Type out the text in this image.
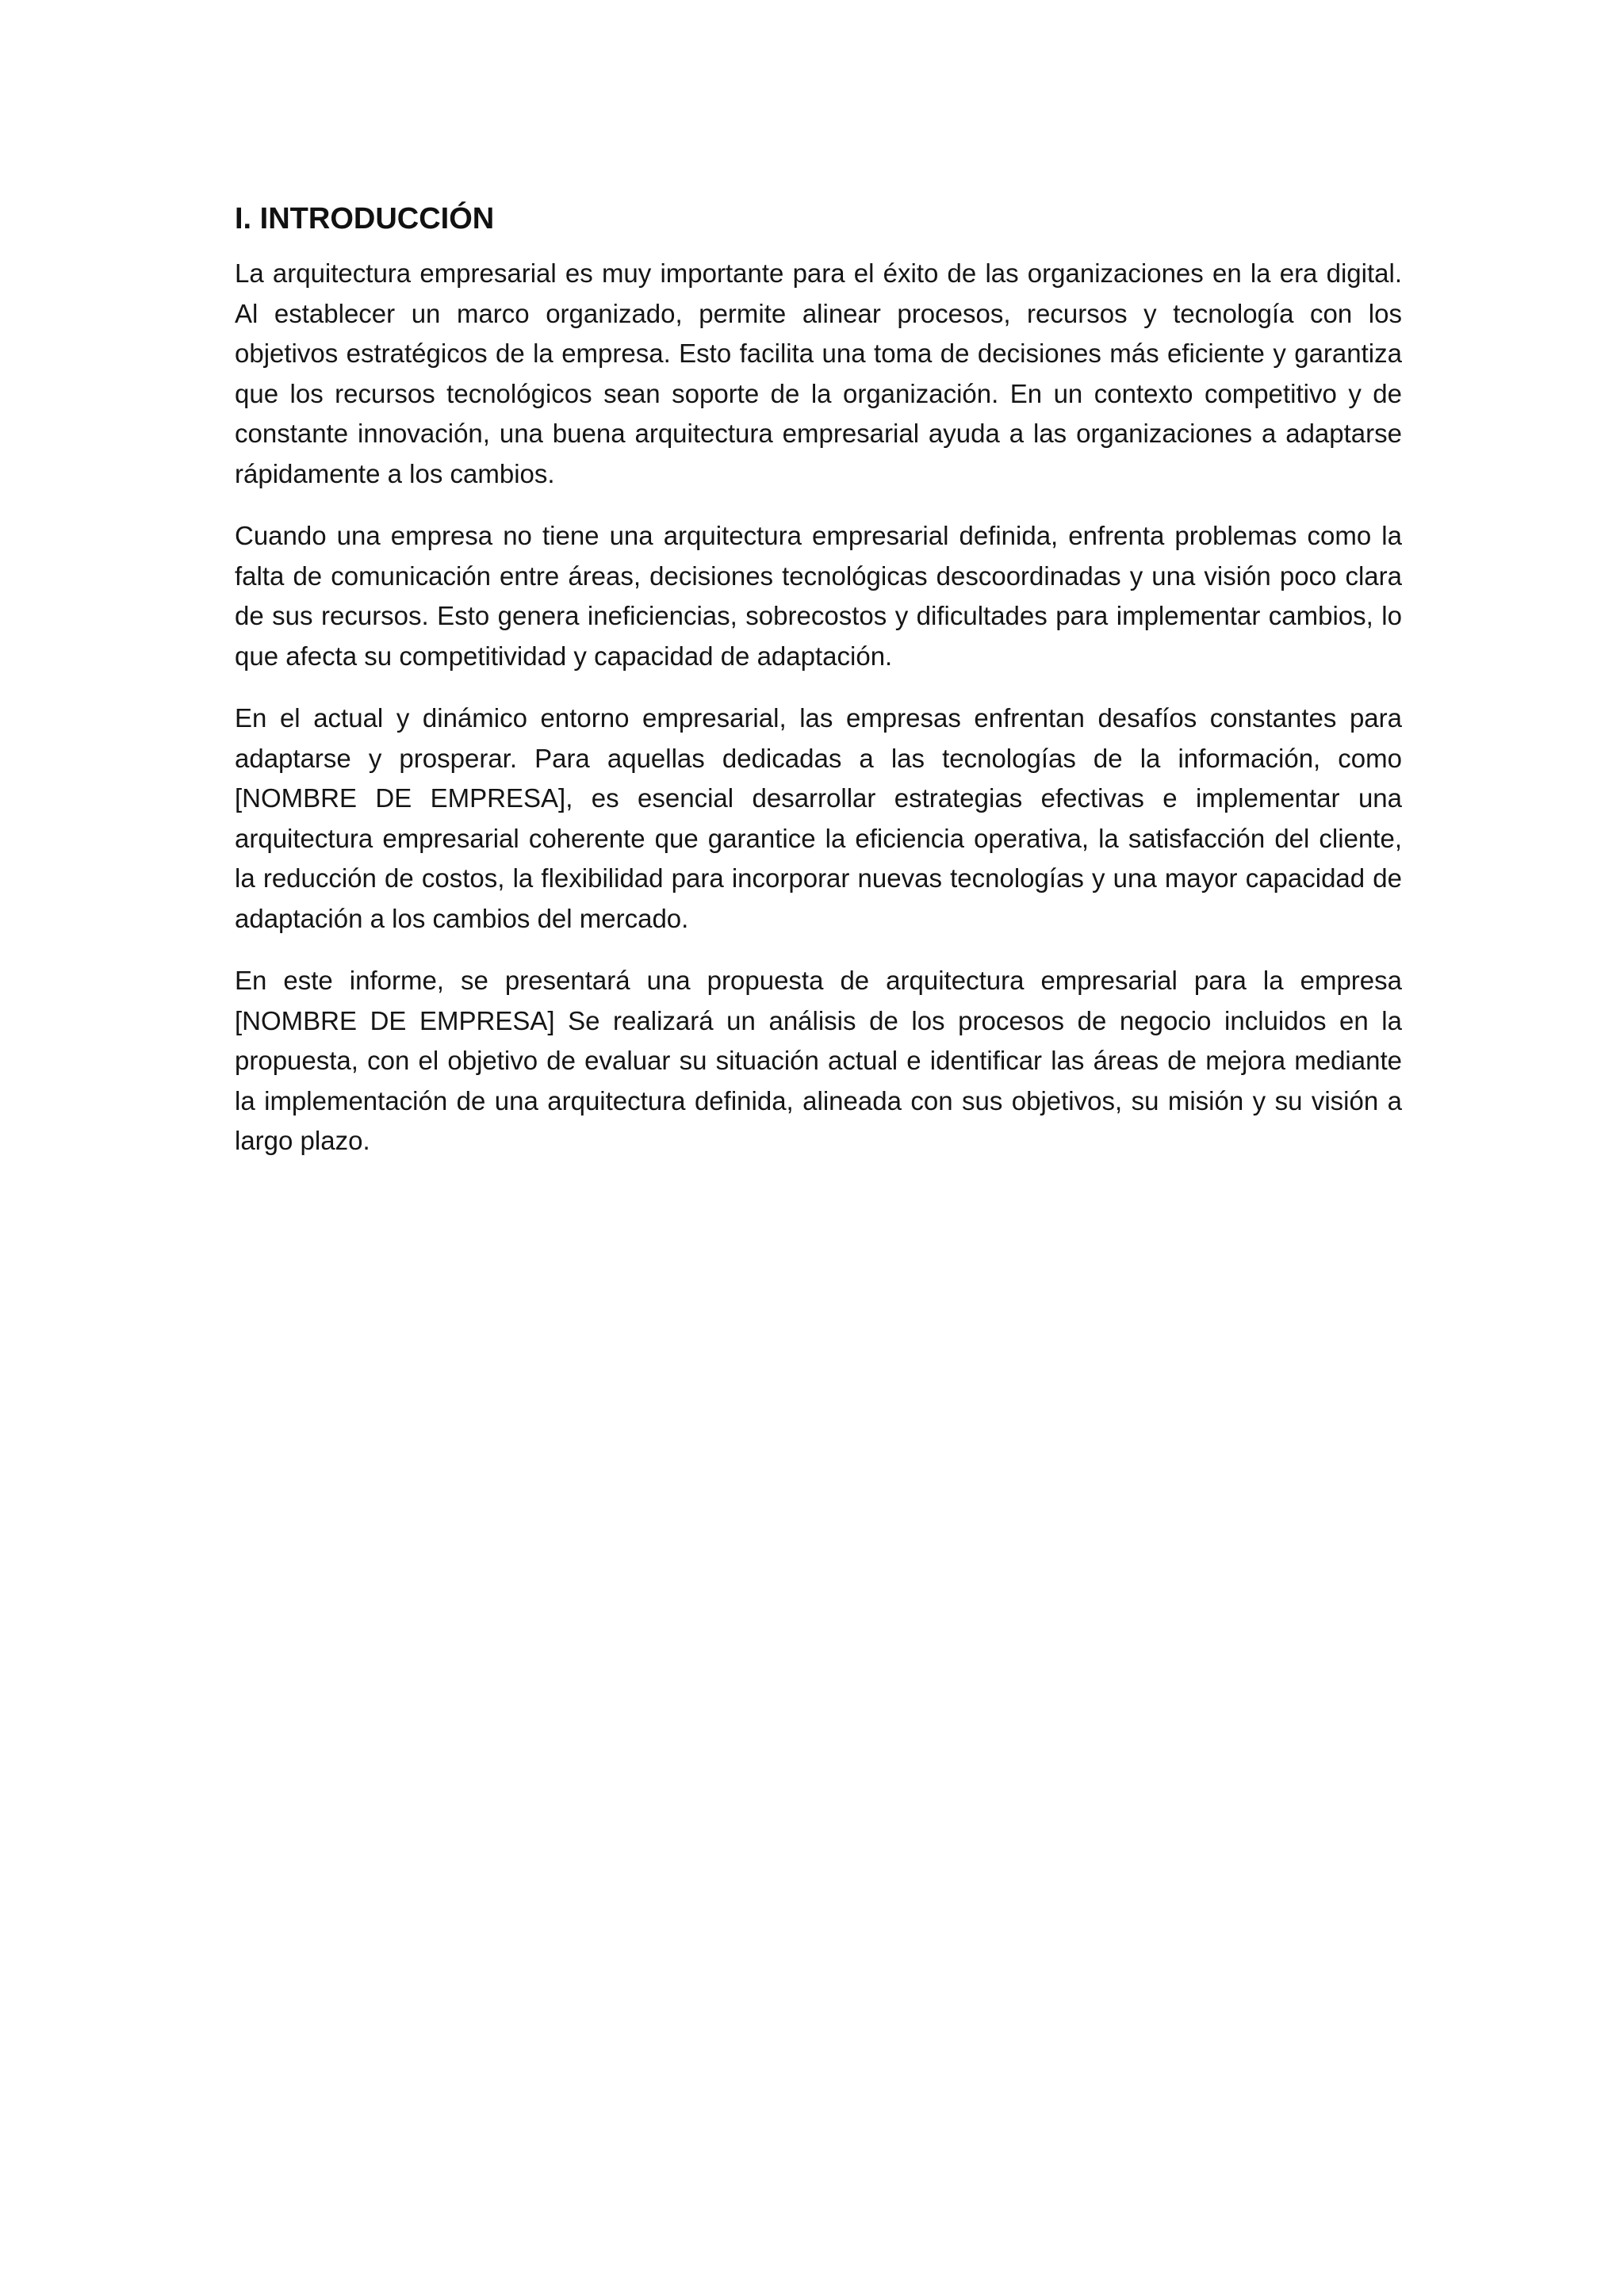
I. INTRODUCCIÓN

La arquitectura empresarial es muy importante para el éxito de las organizaciones en la era digital. Al establecer un marco organizado, permite alinear procesos, recursos y tecnología con los objetivos estratégicos de la empresa. Esto facilita una toma de decisiones más eficiente y garantiza que los recursos tecnológicos sean soporte de la organización. En un contexto competitivo y de constante innovación, una buena arquitectura empresarial ayuda a las organizaciones a adaptarse rápidamente a los cambios.

Cuando una empresa no tiene una arquitectura empresarial definida, enfrenta problemas como la falta de comunicación entre áreas, decisiones tecnológicas descoordinadas y una visión poco clara de sus recursos. Esto genera ineficiencias, sobrecostos y dificultades para implementar cambios, lo que afecta su competitividad y capacidad de adaptación.

En el actual y dinámico entorno empresarial, las empresas enfrentan desafíos constantes para adaptarse y prosperar. Para aquellas dedicadas a las tecnologías de la información, como [NOMBRE DE EMPRESA], es esencial desarrollar estrategias efectivas e implementar una arquitectura empresarial coherente que garantice la eficiencia operativa, la satisfacción del cliente, la reducción de costos, la flexibilidad para incorporar nuevas tecnologías y una mayor capacidad de adaptación a los cambios del mercado.

En este informe, se presentará una propuesta de arquitectura empresarial para la empresa [NOMBRE DE EMPRESA] Se realizará un análisis de los procesos de negocio incluidos en la propuesta, con el objetivo de evaluar su situación actual e identificar las áreas de mejora mediante la implementación de una arquitectura definida, alineada con sus objetivos, su misión y su visión a largo plazo.
